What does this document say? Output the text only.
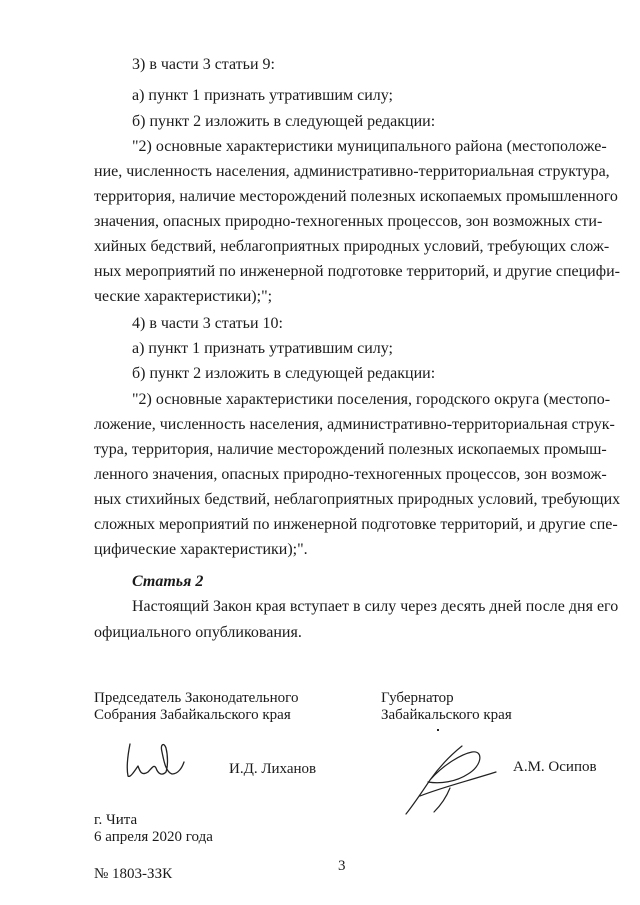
3) в части 3 статьи 9:

а) пункт 1 признать утратившим силу;

б) пункт 2 изложить в следующей редакции:

"2) основные характеристики муниципального района (местоположе-

ние, численность населения, административно-территориальная структура,

территория, наличие месторождений полезных ископаемых промышленного

значения, опасных природно-техногенных процессов, зон возможных сти-

хийных бедствий, неблагоприятных природных условий, требующих слож-

ных мероприятий по инженерной подготовке территорий, и другие специфи-

ческие характеристики);";

4) в части 3 статьи 10:

а) пункт 1 признать утратившим силу;

б) пункт 2 изложить в следующей редакции:

"2) основные характеристики поселения, городского округа (местопо-

ложение, численность населения, административно-территориальная струк-

тура, территория, наличие месторождений полезных ископаемых промыш-

ленного значения, опасных природно-техногенных процессов, зон возмож-

ных стихийных бедствий, неблагоприятных природных условий, требующих

сложных мероприятий по инженерной подготовке территорий, и другие спе-

цифические характеристики);".

Статья 2

Настоящий Закон края вступает в силу через десять дней после дня его

официального опубликования.

Председатель Законодательного

Собрания Забайкальского края

Губернатор

Забайкальского края

И.Д. Лиханов	А.М. Осипов

г. Чита

6 апреля 2020 года

3

№ 1803-ЗЗК
